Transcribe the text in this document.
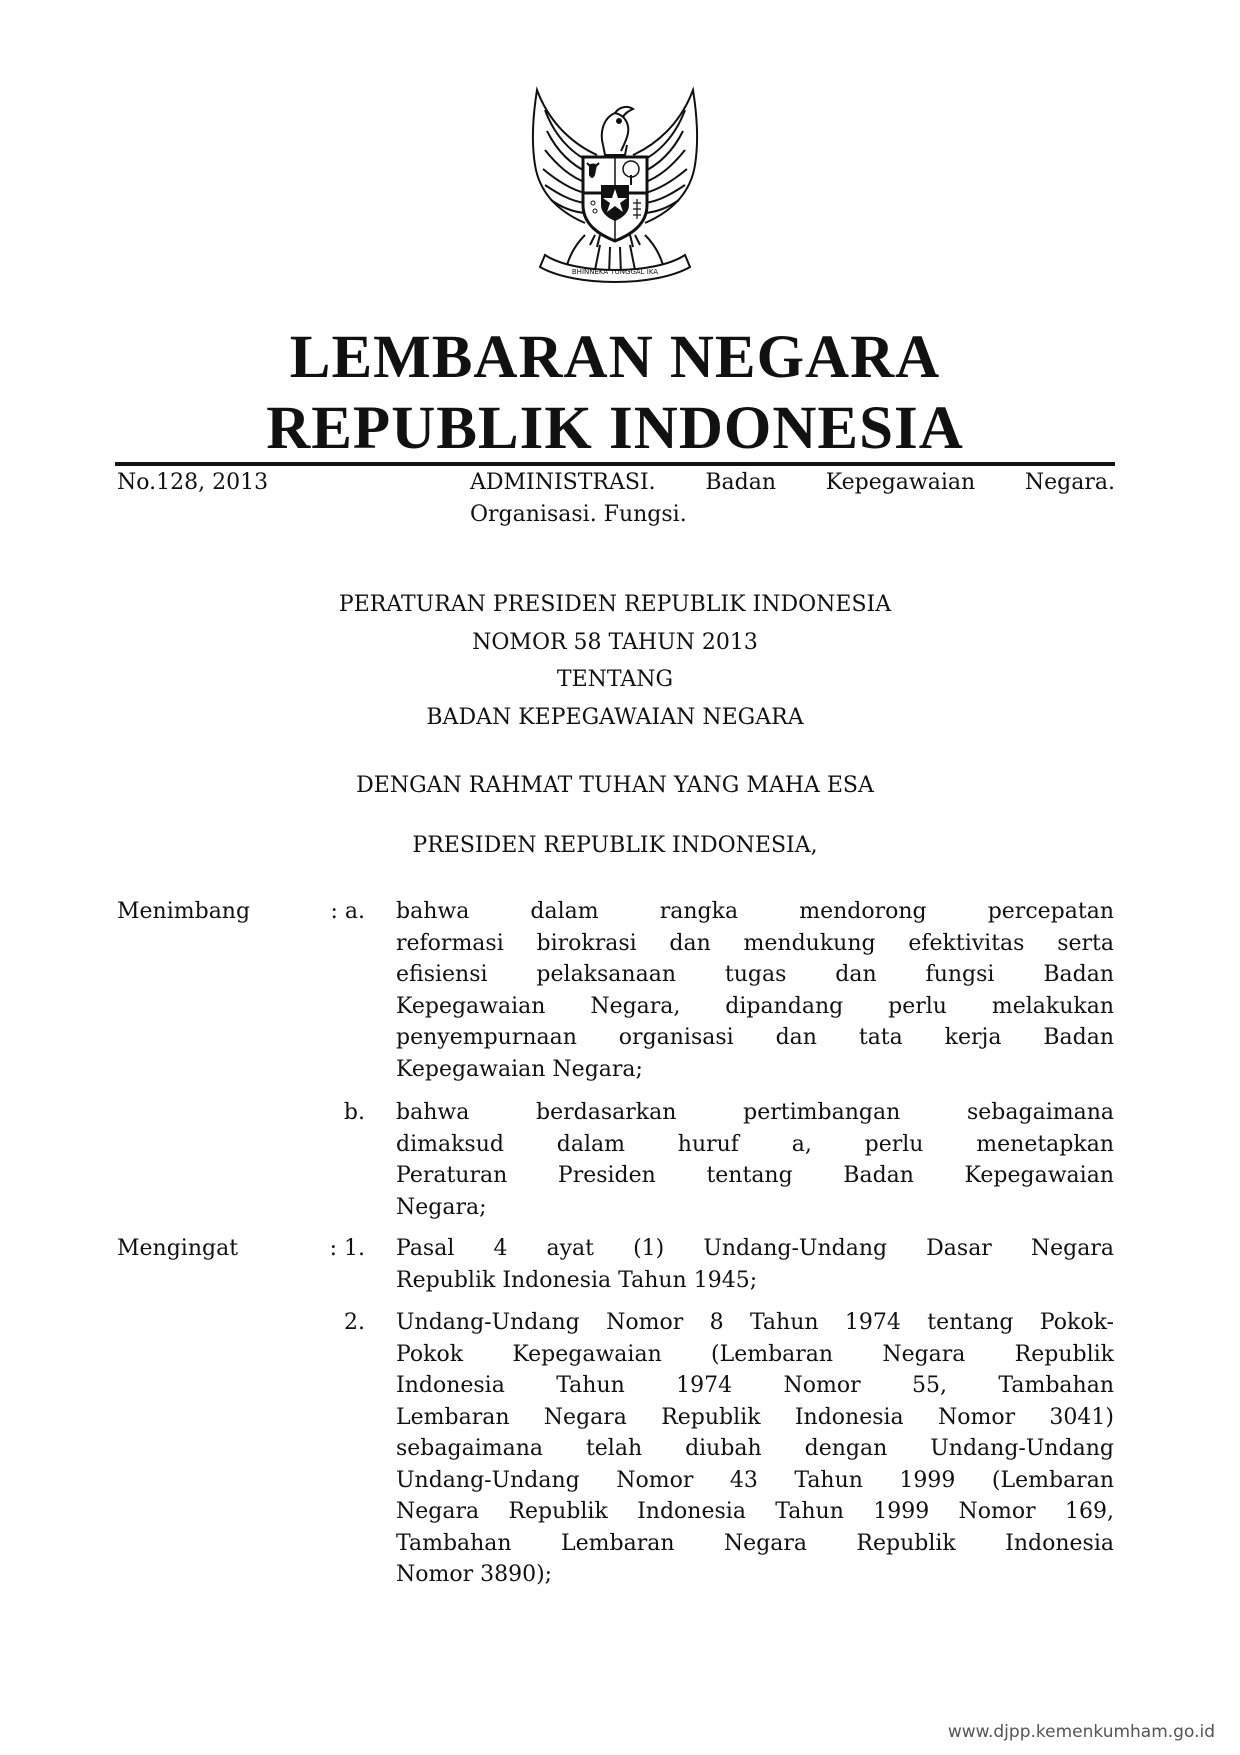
BHINNEKA TUNGGAL IKA
LEMBARAN NEGARA
REPUBLIK INDONESIA
No.128, 2013	ADMINISTRASI. Badan Kepegawaian Negara.
Organisasi. Fungsi.
PERATURAN PRESIDEN REPUBLIK INDONESIA
NOMOR 58 TAHUN 2013
TENTANG
BADAN KEPEGAWAIAN NEGARA
DENGAN RAHMAT TUHAN YANG MAHA ESA
PRESIDEN REPUBLIK INDONESIA,
Menimbang	: a. bahwa dalam rangka mendorong percepatan
reformasi birokrasi dan mendukung efektivitas serta
efisiensi pelaksanaan tugas dan fungsi Badan
Kepegawaian Negara, dipandang perlu melakukan
penyempurnaan organisasi dan tata kerja Badan
Kepegawaian Negara;
b. bahwa berdasarkan pertimbangan sebagaimana
dimaksud dalam huruf a, perlu menetapkan
Peraturan Presiden tentang Badan Kepegawaian
Negara;
Mengingat	: 1. Pasal 4 ayat (1) Undang-Undang Dasar Negara
Republik Indonesia Tahun 1945;
2. Undang-Undang Nomor 8 Tahun 1974 tentang Pokok-
Pokok Kepegawaian (Lembaran Negara Republik
Indonesia Tahun 1974 Nomor 55, Tambahan
Lembaran Negara Republik Indonesia Nomor 3041)
sebagaimana telah diubah dengan Undang-Undang
Undang-Undang Nomor 43 Tahun 1999 (Lembaran
Negara Republik Indonesia Tahun 1999 Nomor 169,
Tambahan Lembaran Negara Republik Indonesia
Nomor 3890);
www.djpp.kemenkumham.go.id
